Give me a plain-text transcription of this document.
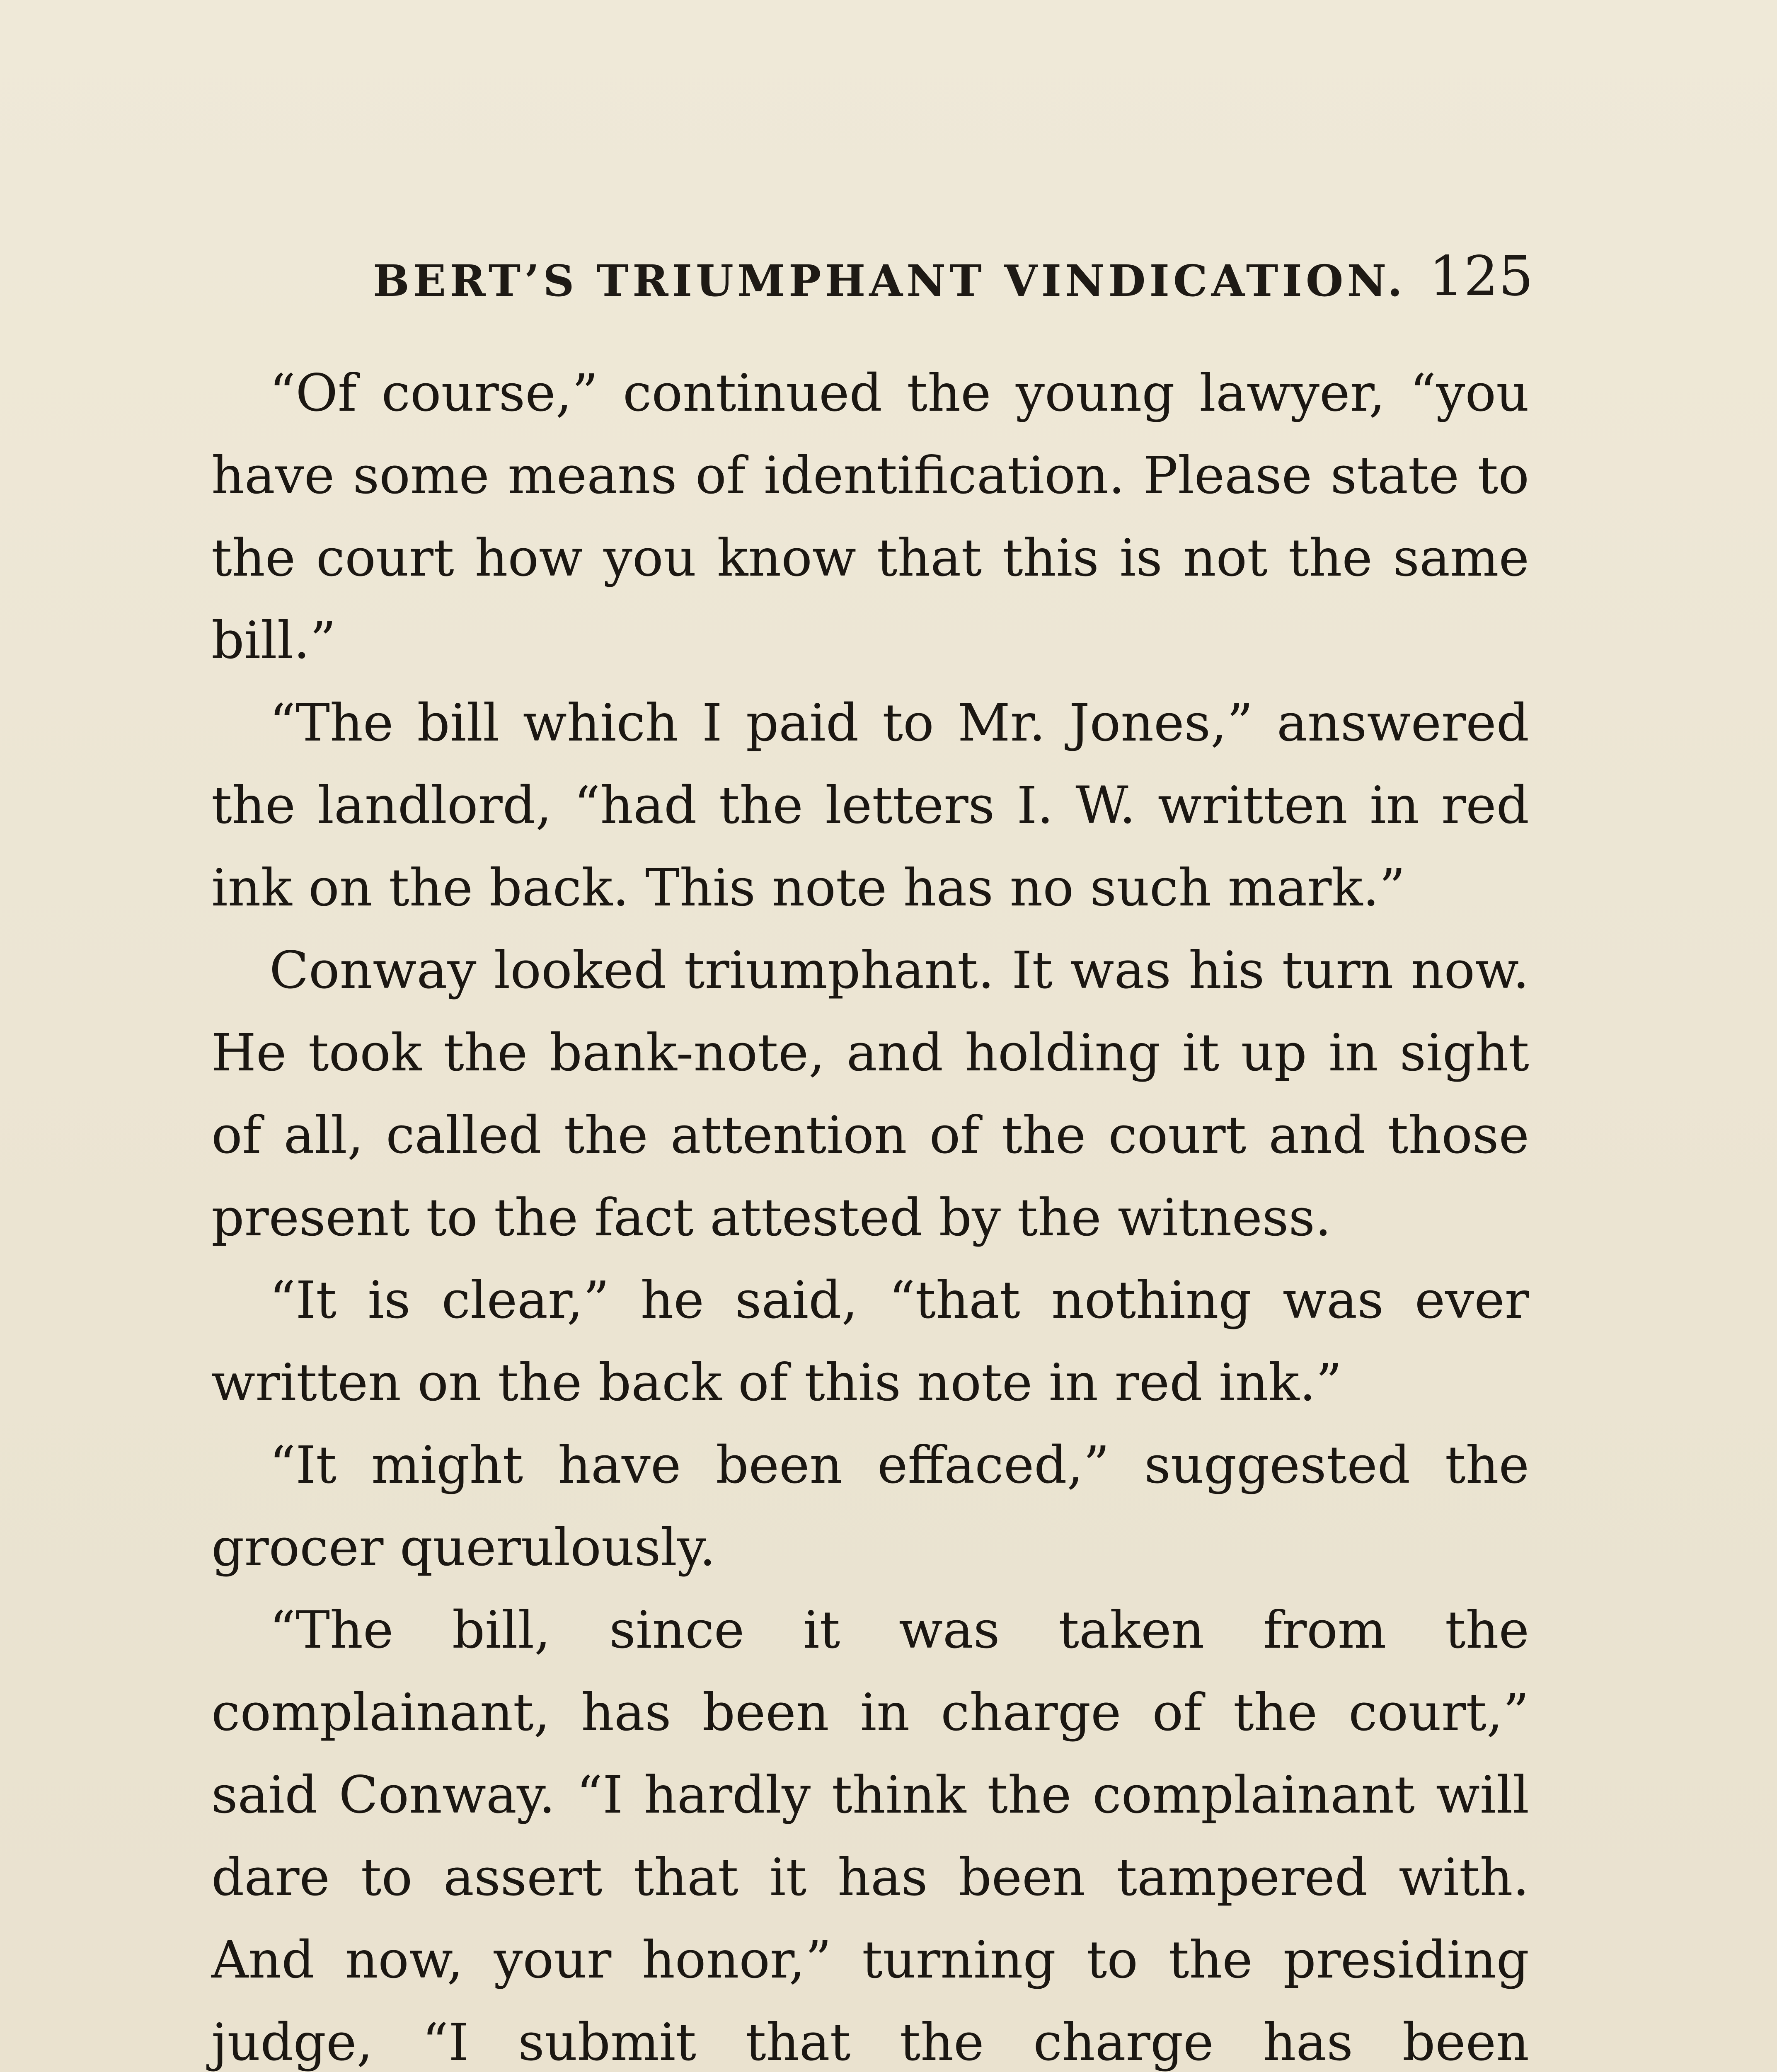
BERT’S TRIUMPHANT VINDICATION. 125

“Of course,” continued the young lawyer, “you have some means of identification. Please state to the court how you know that this is not the same bill.”

“The bill which I paid to Mr. Jones,” answered the landlord, “had the letters I. W. written in red ink on the back. This note has no such mark.”

Conway looked triumphant. It was his turn now. He took the bank-note, and holding it up in sight of all, called the attention of the court and those present to the fact attested by the witness.

“It is clear,” he said, “that nothing was ever written on the back of this note in red ink.”

“It might have been effaced,” suggested the grocer querulously.

“The bill, since it was taken from the complainant, has been in charge of the court,” said Conway. “I hardly think the complainant will dare to assert that it has been tampered with. And now, your honor,” turning to the presiding judge, “I submit that the charge has been
